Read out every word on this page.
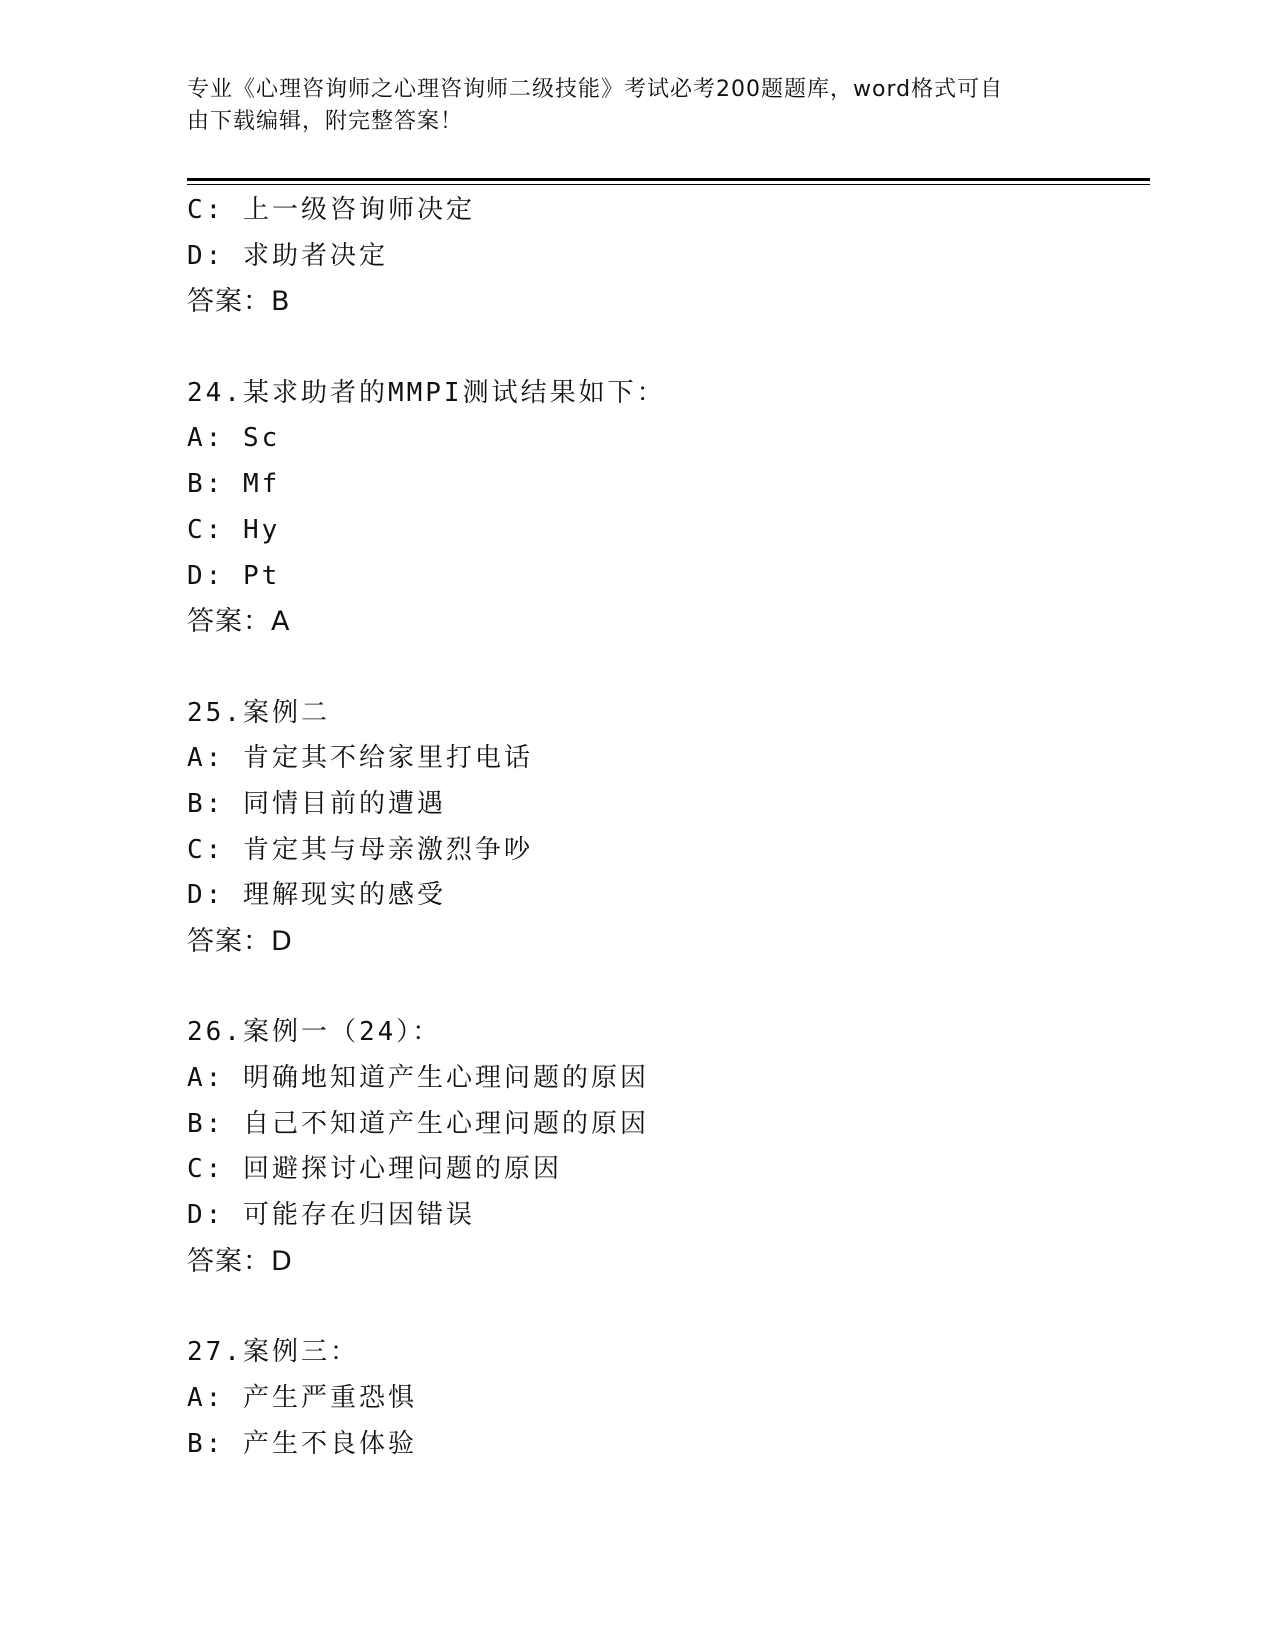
专业《心理咨询师之心理咨询师二级技能》考试必考200题题库，word格式可自
由下载编辑，附完整答案！
C: 上一级咨询师决定
D: 求助者决定
答案：B
24.某求助者的MMPI测试结果如下：
A: Sc
B: Mf
C: Hy
D: Pt
答案：A
25.案例二
A: 肯定其不给家里打电话
B: 同情目前的遭遇
C: 肯定其与母亲激烈争吵
D: 理解现实的感受
答案：D
26.案例一（24）：
A: 明确地知道产生心理问题的原因
B: 自己不知道产生心理问题的原因
C: 回避探讨心理问题的原因
D: 可能存在归因错误
答案：D
27.案例三：
A: 产生严重恐惧
B: 产生不良体验
